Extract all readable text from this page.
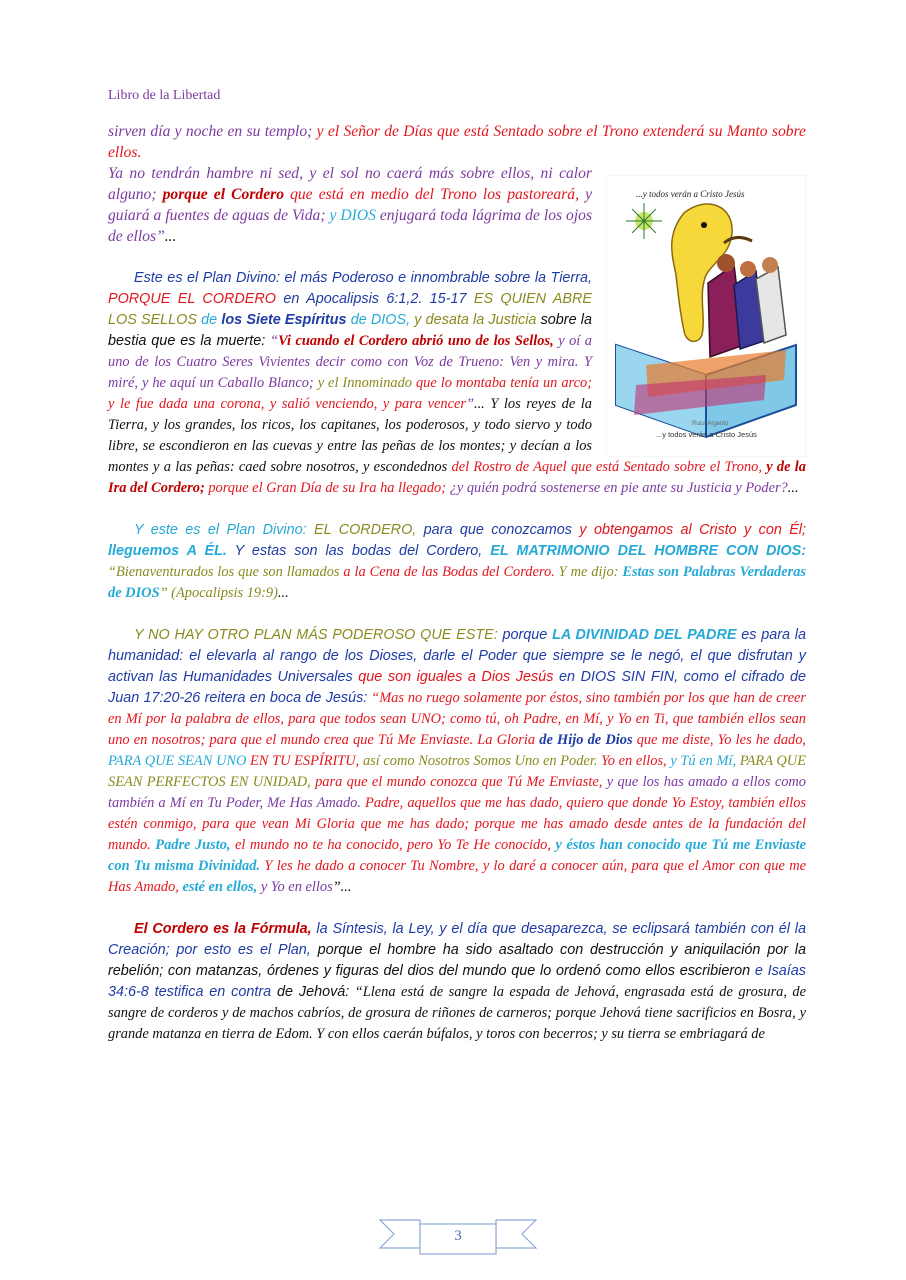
Libro de la Libertad

sirven día y noche en su templo; y el Señor de Días que está Sentado sobre el Trono extenderá su Manto sobre ellos.

...y todos verán a Cristo Jesús
Ruca Argento
...y todos verán a Cristo Jesús

Ya no tendrán hambre ni sed, y el sol no caerá más sobre ellos, ni calor alguno; porque el Cordero que está en medio del Trono los pastoreará, y guiará a fuentes de aguas de Vida; y DIOS enjugará toda lágrima de los ojos de ellos”...

Este es el Plan Divino: el más Poderoso e innombrable sobre la Tierra, PORQUE EL CORDERO en Apocalipsis 6:1,2. 15-17 ES QUIEN ABRE LOS SELLOS de los Siete Espíritus de DIOS, y desata la Justicia sobre la bestia que es la muerte: “Vi cuando el Cordero abrió uno de los Sellos, y oí a uno de los Cuatro Seres Vivientes decir como con Voz de Trueno: Ven y mira. Y miré, y he aquí un Caballo Blanco; y el Innominado que lo montaba tenía un arco; y le fue dada una corona, y salió venciendo, y para vencer”... Y los reyes de la Tierra, y los grandes, los ricos, los capitanes, los poderosos, y todo siervo y todo libre, se escondieron en las cuevas y entre las peñas de los montes; y decían a los montes y a las peñas: caed sobre nosotros, y escondednos del Rostro de Aquel que está Sentado sobre el Trono, y de la Ira del Cordero; porque el Gran Día de su Ira ha llegado; ¿y quién podrá sostenerse en pie ante su Justicia y Poder?...

Y este es el Plan Divino: EL CORDERO, para que conozcamos y obtengamos al Cristo y con Él; lleguemos A ÉL. Y estas son las bodas del Cordero, EL MATRIMONIO DEL HOMBRE CON DIOS: “Bienaventurados los que son llamados a la Cena de las Bodas del Cordero. Y me dijo: Estas son Palabras Verdaderas de DIOS” (Apocalipsis 19:9)...

Y NO HAY OTRO PLAN MÁS PODEROSO QUE ESTE: porque LA DIVINIDAD DEL PADRE es para la humanidad: el elevarla al rango de los Dioses, darle el Poder que siempre se le negó, el que disfrutan y activan las Humanidades Universales que son iguales a Dios Jesús en DIOS SIN FIN, como el cifrado de Juan 17:20-26 reitera en boca de Jesús: “Mas no ruego solamente por éstos, sino también por los que han de creer en Mí por la palabra de ellos, para que todos sean UNO; como tú, oh Padre, en Mí, y Yo en Ti, que también ellos sean uno en nosotros; para que el mundo crea que Tú Me Enviaste. La Gloria de Hijo de Dios que me diste, Yo les he dado, PARA QUE SEAN UNO EN TU ESPÍRITU, así como Nosotros Somos Uno en Poder. Yo en ellos, y Tú en Mí, PARA QUE SEAN PERFECTOS EN UNIDAD, para que el mundo conozca que Tú Me Enviaste, y que los has amado a ellos como también a Mí en Tu Poder, Me Has Amado. Padre, aquellos que me has dado, quiero que donde Yo Estoy, también ellos estén conmigo, para que vean Mi Gloria que me has dado; porque me has amado desde antes de la fundación del mundo. Padre Justo, el mundo no te ha conocido, pero Yo Te He conocido, y éstos han conocido que Tú me Enviaste con Tu misma Divinidad. Y les he dado a conocer Tu Nombre, y lo daré a conocer aún, para que el Amor con que me Has Amado, esté en ellos, y Yo en ellos”...

El Cordero es la Fórmula, la Síntesis, la Ley, y el día que desaparezca, se eclipsará también con él la Creación; por esto es el Plan, porque el hombre ha sido asaltado con destrucción y aniquilación por la rebelión; con matanzas, órdenes y figuras del dios del mundo que lo ordenó como ellos escribieron e Isaías 34:6-8 testifica en contra de Jehová: “Llena está de sangre la espada de Jehová, engrasada está de grosura, de sangre de corderos y de machos cabríos, de grosura de riñones de carneros; porque Jehová tiene sacrificios en Bosra, y grande matanza en tierra de Edom. Y con ellos caerán búfalos, y toros con becerros; y su tierra se embriagará de

3
